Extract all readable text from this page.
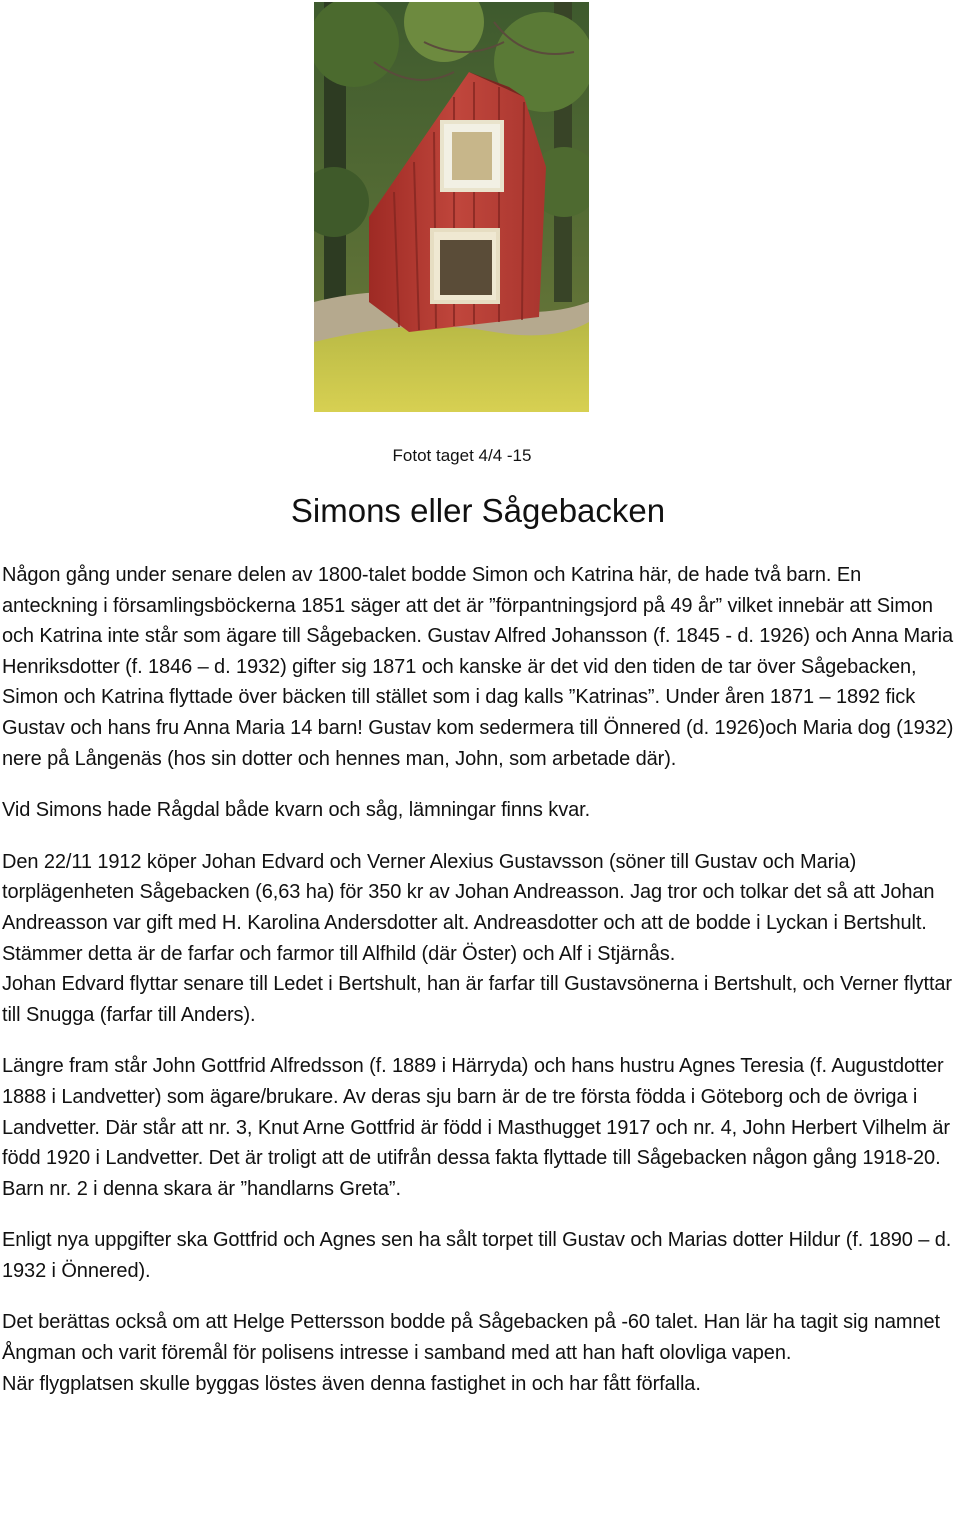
Fotot taget 4/4 -15
Simons eller Sågebacken

Någon gång under senare delen av 1800-talet bodde Simon och Katrina här, de hade två barn. En anteckning i församlingsböckerna 1851 säger att det är ”förpantningsjord på 49 år” vilket innebär att Simon och Katrina inte står som ägare till Sågebacken. Gustav Alfred Johansson (f. 1845 - d. 1926) och Anna Maria Henriksdotter (f. 1846 – d. 1932) gifter sig 1871 och kanske är det vid den tiden de tar över Sågebacken, Simon och Katrina flyttade över bäcken till stället som i dag kalls ”Katrinas”. Under åren 1871 – 1892 fick Gustav och hans fru Anna Maria 14 barn! Gustav kom sedermera till Önnered (d. 1926)och Maria dog (1932) nere på Långenäs (hos sin dotter och hennes man, John, som arbetade där).

Vid Simons hade Rågdal både kvarn och såg, lämningar finns kvar.

Den 22/11 1912 köper Johan Edvard och Verner Alexius Gustavsson (söner till Gustav och Maria) torplägenheten Sågebacken (6,63 ha) för 350 kr av Johan Andreasson. Jag tror och tolkar det så att Johan Andreasson var gift med H. Karolina Andersdotter alt. Andreasdotter och att de bodde i Lyckan i Bertshult. Stämmer detta är de farfar och farmor till Alfhild (där Öster) och Alf i Stjärnås.

Johan Edvard flyttar senare till Ledet i Bertshult, han är farfar till Gustavsönerna i Bertshult, och Verner flyttar till Snugga (farfar till Anders).

Längre fram står John Gottfrid Alfredsson (f. 1889 i Härryda) och hans hustru Agnes Teresia (f. Augustdotter 1888 i Landvetter) som ägare/brukare. Av deras sju barn är de tre första födda i Göteborg och de övriga i Landvetter. Där står att nr. 3, Knut Arne Gottfrid är född i Masthugget 1917 och nr. 4, John Herbert Vilhelm är född 1920 i Landvetter. Det är troligt att de utifrån dessa fakta flyttade till Sågebacken någon gång 1918-20. Barn nr. 2 i denna skara är ”handlarns Greta”.

Enligt nya uppgifter ska Gottfrid och Agnes sen ha sålt torpet till Gustav och Marias dotter Hildur (f. 1890 – d. 1932 i Önnered).

Det berättas också om att Helge Pettersson bodde på Sågebacken på -60 talet. Han lär ha tagit sig namnet Ångman och varit föremål för polisens intresse i samband med att han haft olovliga vapen.

När flygplatsen skulle byggas löstes även denna fastighet in och har fått förfalla.
